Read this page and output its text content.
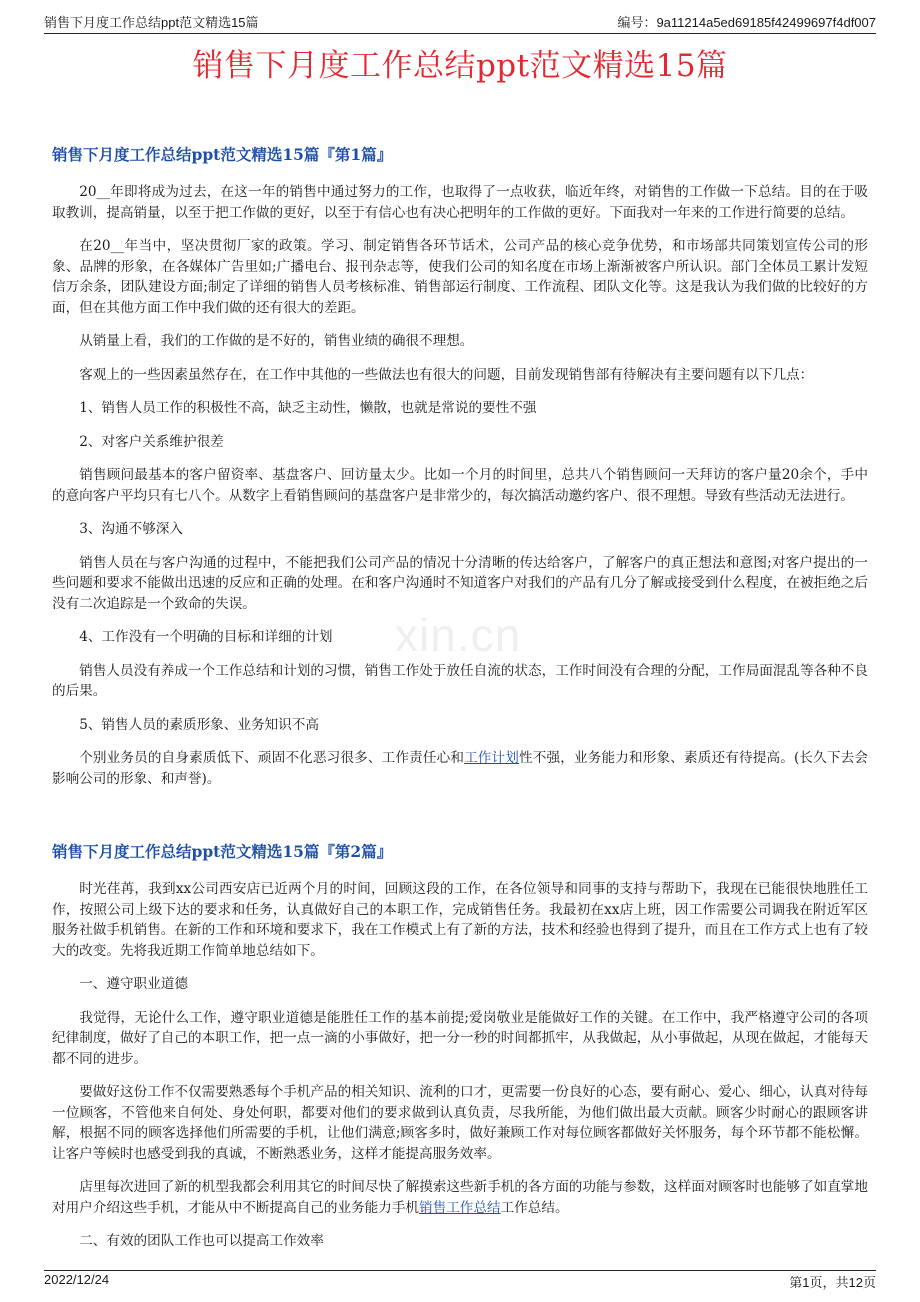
销售下月度工作总结ppt范文精选15篇	编号：9a11214a5ed69185f42499697f4df007
销售下月度工作总结ppt范文精选15篇
xin.cn
销售下月度工作总结ppt范文精选15篇『第1篇』

20__年即将成为过去，在这一年的销售中通过努力的工作，也取得了一点收获，临近年终，对销售的工作做一下总结。目的在于吸取教训，提高销量，以至于把工作做的更好，以至于有信心也有决心把明年的工作做的更好。下面我对一年来的工作进行简要的总结。

在20__年当中，坚决贯彻厂家的政策。学习、制定销售各环节话术，公司产品的核心竞争优势，和市场部共同策划宣传公司的形象、品牌的形象，在各媒体广告里如;广播电台、报刊杂志等，使我们公司的知名度在市场上渐渐被客户所认识。部门全体员工累计发短信万余条，团队建设方面;制定了详细的销售人员考核标准、销售部运行制度、工作流程、团队文化等。这是我认为我们做的比较好的方面，但在其他方面工作中我们做的还有很大的差距。

从销量上看，我们的工作做的是不好的，销售业绩的确很不理想。

客观上的一些因素虽然存在，在工作中其他的一些做法也有很大的问题，目前发现销售部有待解决有主要问题有以下几点：

1、销售人员工作的积极性不高，缺乏主动性，懒散，也就是常说的要性不强

2、对客户关系维护很差

销售顾问最基本的客户留资率、基盘客户、回访量太少。比如一个月的时间里，总共八个销售顾问一天拜访的客户量20余个，手中的意向客户平均只有七八个。从数字上看销售顾问的基盘客户是非常少的，每次搞活动邀约客户、很不理想。导致有些活动无法进行。

3、沟通不够深入

销售人员在与客户沟通的过程中，不能把我们公司产品的情况十分清晰的传达给客户，了解客户的真正想法和意图;对客户提出的一些问题和要求不能做出迅速的反应和正确的处理。在和客户沟通时不知道客户对我们的产品有几分了解或接受到什么程度，在被拒绝之后没有二次追踪是一个致命的失误。

4、工作没有一个明确的目标和详细的计划

销售人员没有养成一个工作总结和计划的习惯，销售工作处于放任自流的状态，工作时间没有合理的分配，工作局面混乱等各种不良的后果。

5、销售人员的素质形象、业务知识不高

个别业务员的自身素质低下、顽固不化恶习很多、工作责任心和工作计划性不强，业务能力和形象、素质还有待提高。(长久下去会影响公司的形象、和声誉)。

销售下月度工作总结ppt范文精选15篇『第2篇』

时光荏苒，我到xx公司西安店已近两个月的时间，回顾这段的工作，在各位领导和同事的支持与帮助下，我现在已能很快地胜任工作，按照公司上级下达的要求和任务，认真做好自己的本职工作，完成销售任务。我最初在xx店上班，因工作需要公司调我在附近军区服务社做手机销售。在新的工作和环境和要求下，我在工作模式上有了新的方法，技术和经验也得到了提升，而且在工作方式上也有了较大的改变。先将我近期工作简单地总结如下。

一、遵守职业道德

我觉得，无论什么工作，遵守职业道德是能胜任工作的基本前提;爱岗敬业是能做好工作的关键。在工作中，我严格遵守公司的各项纪律制度，做好了自己的本职工作，把一点一滴的小事做好，把一分一秒的时间都抓牢，从我做起，从小事做起，从现在做起，才能每天都不同的进步。

要做好这份工作不仅需要熟悉每个手机产品的相关知识、流利的口才，更需要一份良好的心态，要有耐心、爱心、细心，认真对待每一位顾客，不管他来自何处、身处何职，都要对他们的要求做到认真负责，尽我所能，为他们做出最大贡献。顾客少时耐心的跟顾客讲解，根据不同的顾客选择他们所需要的手机，让他们满意;顾客多时，做好兼顾工作对每位顾客都做好关怀服务，每个环节都不能松懈。让客户等候时也感受到我的真诚，不断熟悉业务，这样才能提高服务效率。

店里每次进回了新的机型我都会利用其它的时间尽快了解摸索这些新手机的各方面的功能与参数，这样面对顾客时也能够了如直掌地对用户介绍这些手机，才能从中不断提高自己的业务能力手机销售工作总结工作总结。

二、有效的团队工作也可以提高工作效率

2022/12/24	第1页，共12页
